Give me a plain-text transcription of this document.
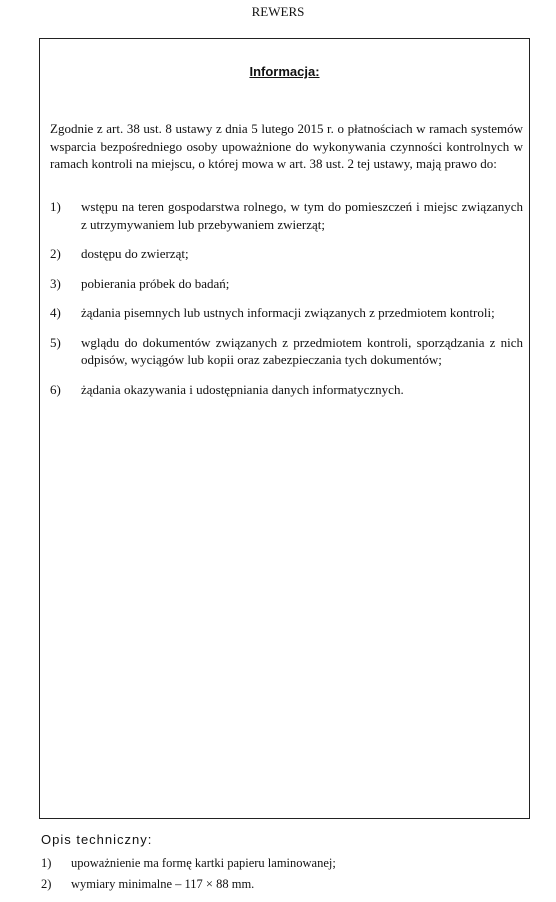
REWERS
Informacja:
Zgodnie z art. 38 ust. 8 ustawy z dnia 5 lutego 2015 r. o płatnościach w ramach systemów wsparcia bezpośredniego osoby upoważnione do wykonywania czynności kontrolnych w ramach kontroli na miejscu, o której mowa w art. 38 ust. 2 tej ustawy, mają prawo do:
1)	wstępu na teren gospodarstwa rolnego, w tym do pomieszczeń i miejsc związanych z utrzymywaniem lub przebywaniem zwierząt;
2)	dostępu do zwierząt;
3)	pobierania próbek do badań;
4)	żądania pisemnych lub ustnych informacji związanych z przedmiotem kontroli;
5)	wglądu do dokumentów związanych z przedmiotem kontroli, sporządzania z nich odpisów, wyciągów lub kopii oraz zabezpieczania tych dokumentów;
6)	żądania okazywania i udostępniania danych informatycznych.
Opis techniczny:
1)	upoważnienie ma formę kartki papieru laminowanej;
2)	wymiary minimalne – 117 × 88 mm.
